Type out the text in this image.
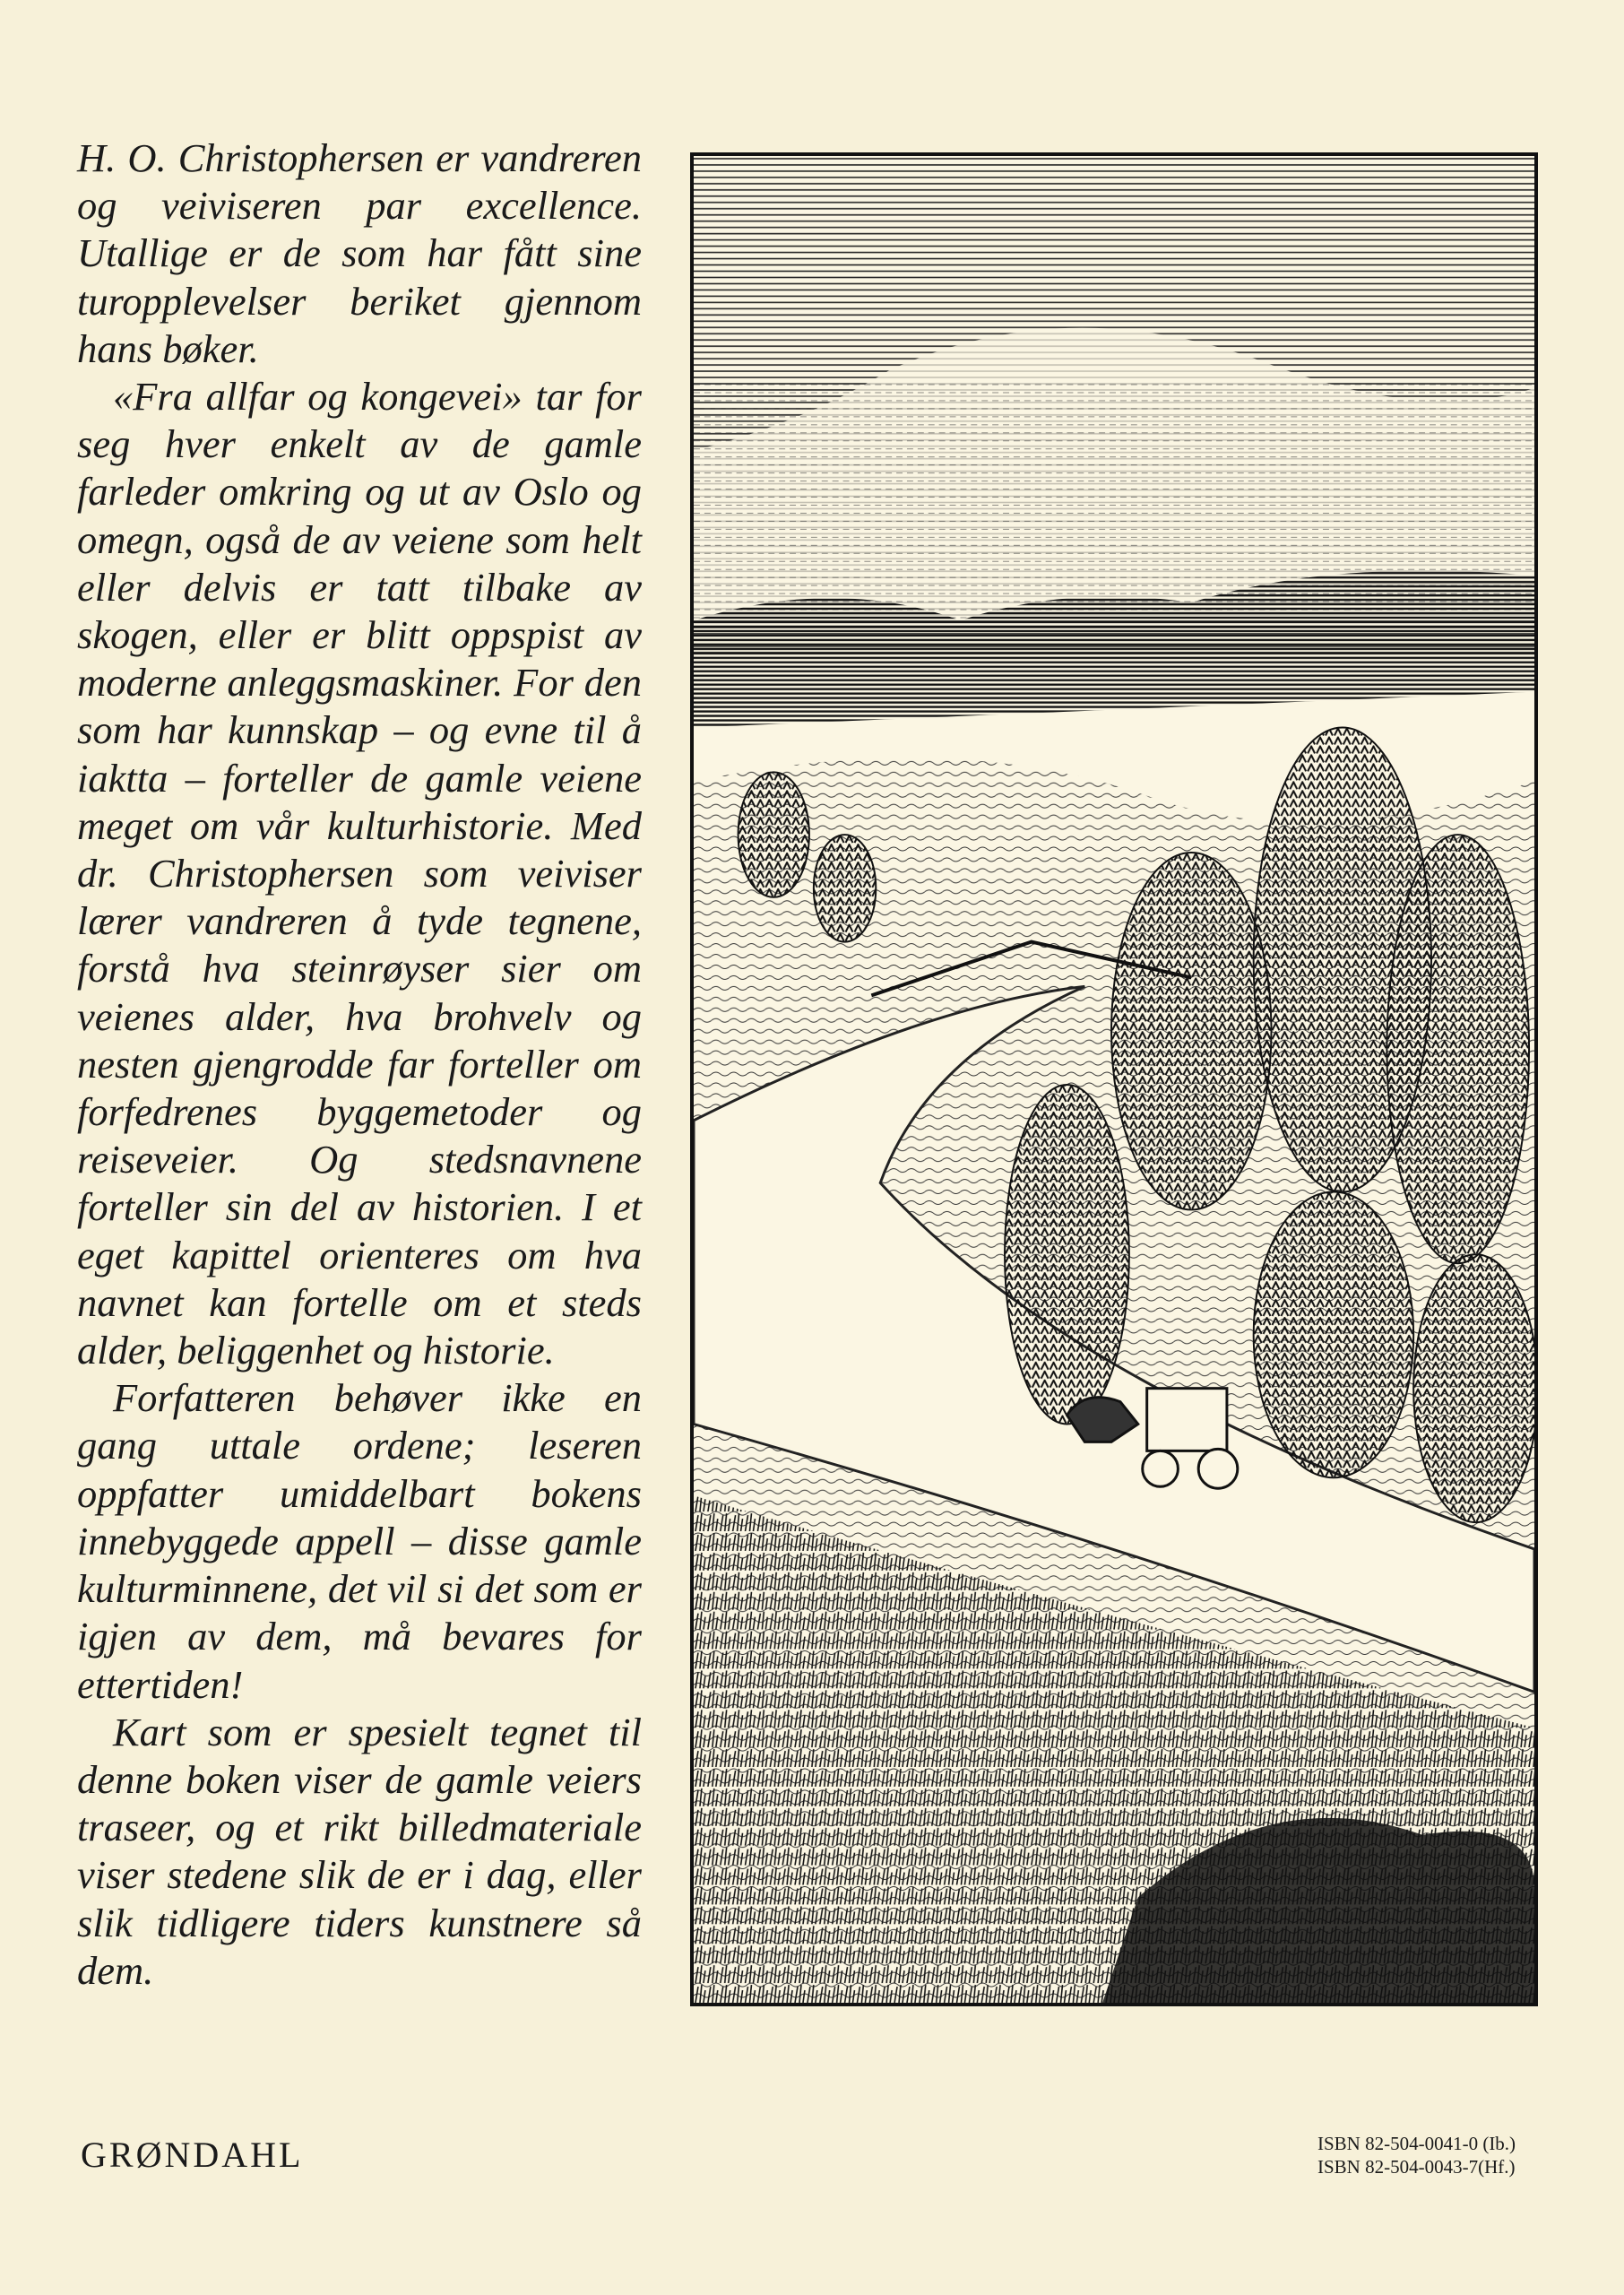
H. O. Christophersen er vandreren og veiviseren par excellence. Utallige er de som har fått sine turopplevelser beriket gjennom hans bøker.

«Fra allfar og kongevei» tar for seg hver enkelt av de gamle farleder omkring og ut av Oslo og omegn, også de av veiene som helt eller delvis er tatt tilbake av skogen, eller er blitt oppspist av moderne anleggsmaskiner. For den som har kunnskap – og evne til å iaktta – forteller de gamle veiene meget om vår kulturhistorie. Med dr. Christophersen som veiviser lærer vandreren å tyde tegnene, forstå hva steinrøyser sier om veienes alder, hva brohvelv og nesten gjengrodde far forteller om forfedrenes byggemetoder og reiseveier. Og stedsnavnene forteller sin del av historien. I et eget kapittel orienteres om hva navnet kan fortelle om et steds alder, beliggenhet og historie.

Forfatteren behøver ikke en gang uttale ordene; leseren oppfatter umiddelbart bokens innebyggede appell – disse gamle kulturminnene, det vil si det som er igjen av dem, må bevares for ettertiden!

Kart som er spesielt tegnet til denne boken viser de gamle veiers traseer, og et rikt billedmateriale viser stedene slik de er i dag, eller slik tidligere tiders kunstnere så dem.

GRØNDAHL	ISBN 82-504-0041-0 (Ib.)
ISBN 82-504-0043-7(Hf.)
